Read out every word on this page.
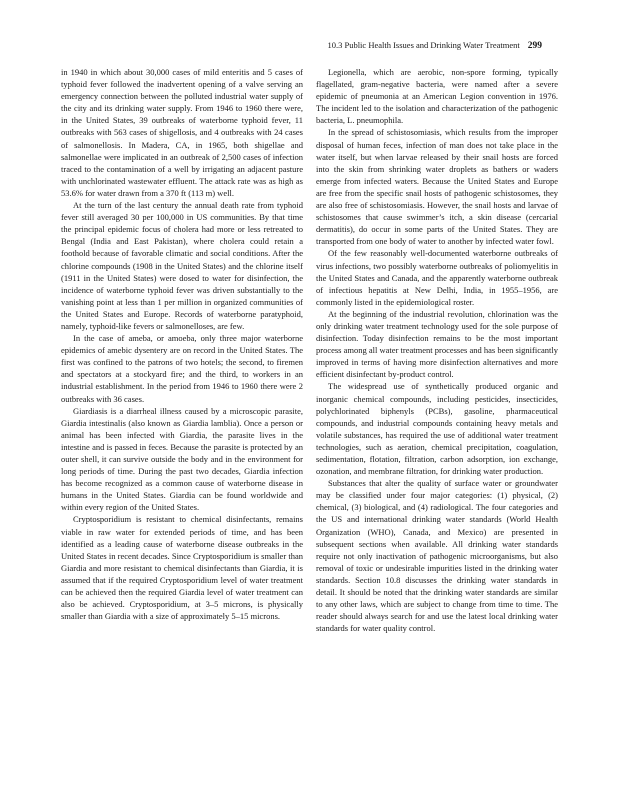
10.3 Public Health Issues and Drinking Water Treatment 299

in 1940 in which about 30,000 cases of mild enteritis and 5 cases of typhoid fever followed the inadvertent opening of a valve serving an emergency connection between the polluted industrial water supply of the city and its drinking water supply. From 1946 to 1960 there were, in the United States, 39 outbreaks of waterborne typhoid fever, 11 outbreaks with 563 cases of shigellosis, and 4 outbreaks with 24 cases of salmonellosis. In Madera, CA, in 1965, both shigellae and salmonellae were implicated in an outbreak of 2,500 cases of infection traced to the contamination of a well by irrigating an adjacent pasture with unchlorinated wastewater effluent. The attack rate was as high as 53.6% for water drawn from a 370 ft (113 m) well.

At the turn of the last century the annual death rate from typhoid fever still averaged 30 per 100,000 in US communities. By that time the principal epidemic focus of cholera had more or less retreated to Bengal (India and East Pakistan), where cholera could retain a foothold because of favorable climatic and social conditions. After the chlorine compounds (1908 in the United States) and the chlorine itself (1911 in the United States) were dosed to water for disinfection, the incidence of waterborne typhoid fever was driven substantially to the vanishing point at less than 1 per million in organized communities of the United States and Europe. Records of waterborne paratyphoid, namely, typhoid-like fevers or salmonelloses, are few.

In the case of ameba, or amoeba, only three major waterborne epidemics of amebic dysentery are on record in the United States. The first was confined to the patrons of two hotels; the second, to firemen and spectators at a stockyard fire; and the third, to workers in an industrial establishment. In the period from 1946 to 1960 there were 2 outbreaks with 36 cases.

Giardiasis is a diarrheal illness caused by a microscopic parasite, Giardia intestinalis (also known as Giardia lamblia). Once a person or animal has been infected with Giardia, the parasite lives in the intestine and is passed in feces. Because the parasite is protected by an outer shell, it can survive outside the body and in the environment for long periods of time. During the past two decades, Giardia infection has become recognized as a common cause of waterborne disease in humans in the United States. Giardia can be found worldwide and within every region of the United States.

Cryptosporidium is resistant to chemical disinfectants, remains viable in raw water for extended periods of time, and has been identified as a leading cause of waterborne disease outbreaks in the United States in recent decades. Since Cryptosporidium is smaller than Giardia and more resistant to chemical disinfectants than Giardia, it is assumed that if the required Cryptosporidium level of water treatment can be achieved then the required Giardia level of water treatment can also be achieved. Cryptosporidium, at 3–5 microns, is physically smaller than Giardia with a size of approximately 5–15 microns.

Legionella, which are aerobic, non-spore forming, typically flagellated, gram-negative bacteria, were named after a severe epidemic of pneumonia at an American Legion convention in 1976. The incident led to the isolation and characterization of the pathogenic bacteria, L. pneumophila.

In the spread of schistosomiasis, which results from the improper disposal of human feces, infection of man does not take place in the water itself, but when larvae released by their snail hosts are forced into the skin from shrinking water droplets as bathers or waders emerge from infected waters. Because the United States and Europe are free from the specific snail hosts of pathogenic schistosomes, they are also free of schistosomiasis. However, the snail hosts and larvae of schistosomes that cause swimmer’s itch, a skin disease (cercarial dermatitis), do occur in some parts of the United States. They are transported from one body of water to another by infected water fowl.

Of the few reasonably well-documented waterborne outbreaks of virus infections, two possibly waterborne outbreaks of poliomyelitis in the United States and Canada, and the apparently waterborne outbreak of infectious hepatitis at New Delhi, India, in 1955–1956, are commonly listed in the epidemiological roster.

At the beginning of the industrial revolution, chlorination was the only drinking water treatment technology used for the sole purpose of disinfection. Today disinfection remains to be the most important process among all water treatment processes and has been significantly improved in terms of having more disinfection alternatives and more efficient disinfectant by-product control.

The widespread use of synthetically produced organic and inorganic chemical compounds, including pesticides, insecticides, polychlorinated biphenyls (PCBs), gasoline, pharmaceutical compounds, and industrial compounds containing heavy metals and volatile substances, has required the use of additional water treatment technologies, such as aeration, chemical precipitation, coagulation, sedimentation, flotation, filtration, carbon adsorption, ion exchange, ozonation, and membrane filtration, for drinking water production.

Substances that alter the quality of surface water or groundwater may be classified under four major categories: (1) physical, (2) chemical, (3) biological, and (4) radiological. The four categories and the US and international drinking water standards (World Health Organization (WHO), Canada, and Mexico) are presented in subsequent sections when available. All drinking water standards require not only inactivation of pathogenic microorganisms, but also removal of toxic or undesirable impurities listed in the drinking water standards. Section 10.8 discusses the drinking water standards in detail. It should be noted that the drinking water standards are similar to any other laws, which are subject to change from time to time. The reader should always search for and use the latest local drinking water standards for water quality control.
